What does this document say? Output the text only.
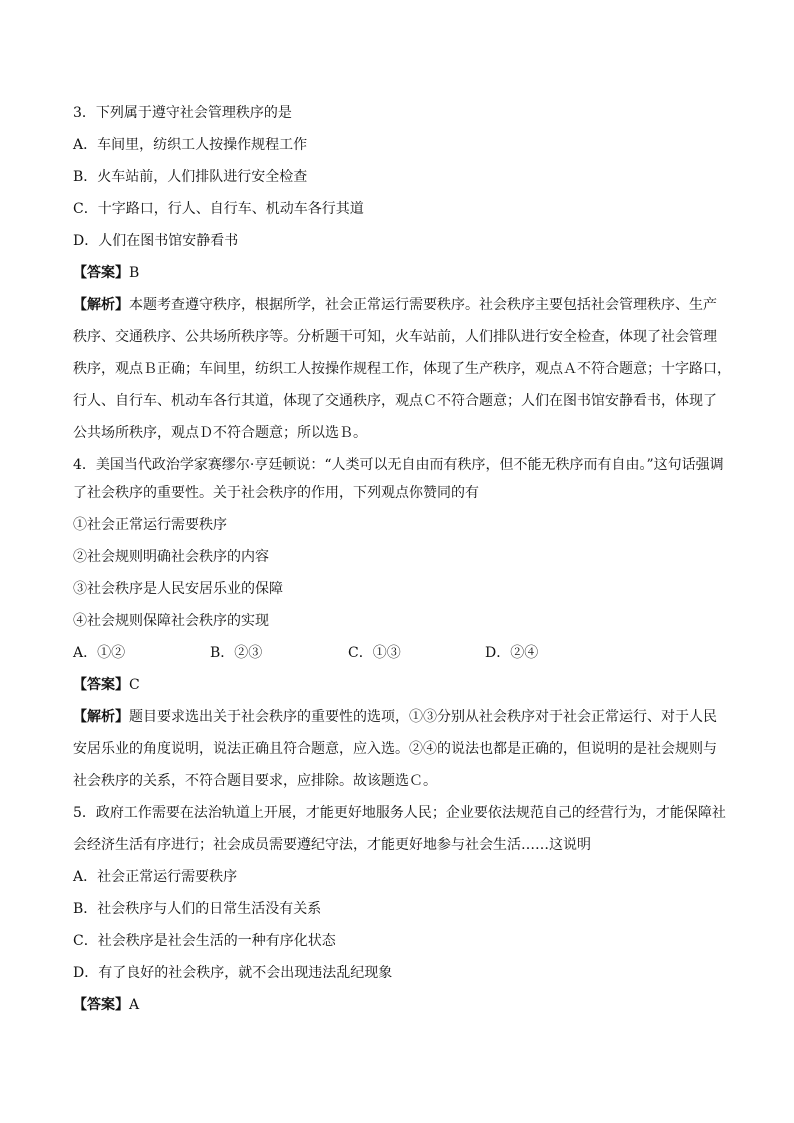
3．下列属于遵守社会管理秩序的是
A．车间里，纺织工人按操作规程工作
B．火车站前，人们排队进行安全检查
C．十字路口，行人、自行车、机动车各行其道
D．人们在图书馆安静看书
【答案】B
【解析】本题考查遵守秩序，根据所学，社会正常运行需要秩序。社会秩序主要包括社会管理秩序、生产
秩序、交通秩序、公共场所秩序等。分析题干可知，火车站前，人们排队进行安全检查，体现了社会管理
秩序，观点Ｂ正确；车间里，纺织工人按操作规程工作，体现了生产秩序，观点Ａ不符合题意；十字路口，
行人、自行车、机动车各行其道，体现了交通秩序，观点Ｃ不符合题意；人们在图书馆安静看书，体现了
公共场所秩序，观点Ｄ不符合题意；所以选Ｂ。
4．美国当代政治学家赛缪尔·亨廷顿说：“人类可以无自由而有秩序，但不能无秩序而有自由。”这句话强调
了社会秩序的重要性。关于社会秩序的作用，下列观点你赞同的有
①社会正常运行需要秩序
②社会规则明确社会秩序的内容
③社会秩序是人民安居乐业的保障
④社会规则保障社会秩序的实现
A．①②	B．②③	C．①③	D．②④
【答案】C
【解析】题目要求选出关于社会秩序的重要性的选项，①③分别从社会秩序对于社会正常运行、对于人民
安居乐业的角度说明，说法正确且符合题意，应入选。②④的说法也都是正确的，但说明的是社会规则与
社会秩序的关系，不符合题目要求，应排除。故该题选Ｃ。
5．政府工作需要在法治轨道上开展，才能更好地服务人民；企业要依法规范自己的经营行为，才能保障社
会经济生活有序进行；社会成员需要遵纪守法，才能更好地参与社会生活……这说明
A．社会正常运行需要秩序
B．社会秩序与人们的日常生活没有关系
C．社会秩序是社会生活的一种有序化状态
D．有了良好的社会秩序，就不会出现违法乱纪现象
【答案】A
